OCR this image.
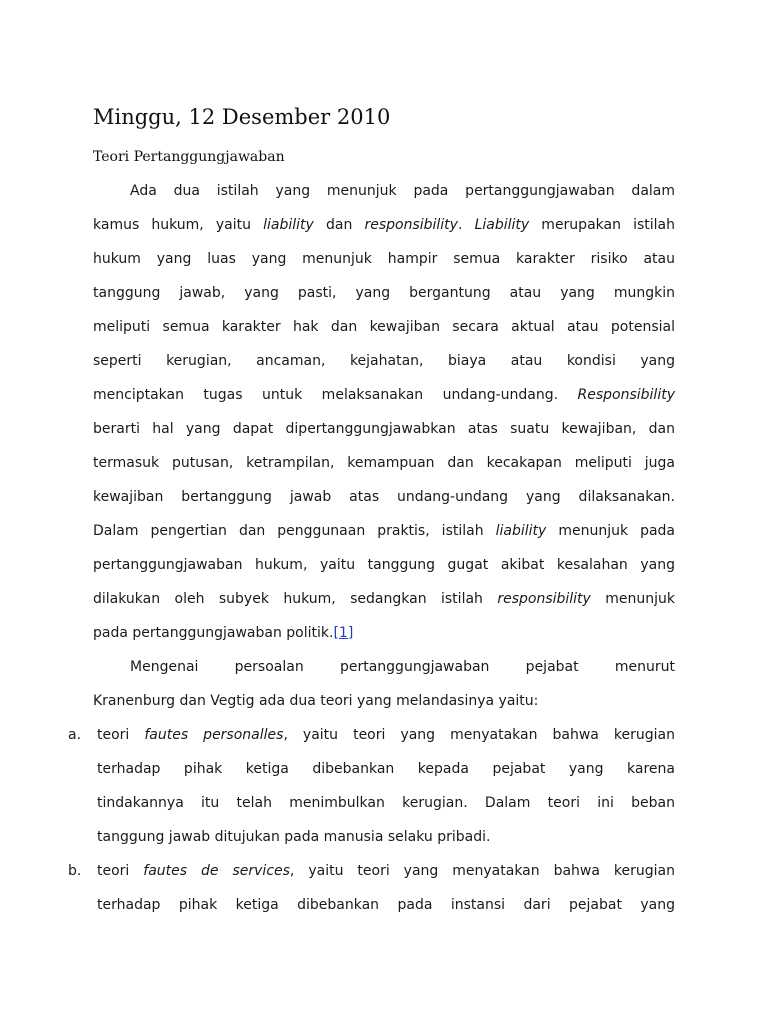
Minggu, 12 Desember 2010
Teori Pertanggungjawaban
Ada dua istilah yang menunjuk pada pertanggungjawaban dalam
kamus hukum, yaitu liability dan responsibility. Liability merupakan istilah
hukum yang luas yang menunjuk hampir semua karakter risiko atau
tanggung jawab, yang pasti, yang bergantung atau yang mungkin
meliputi semua karakter hak dan kewajiban secara aktual atau potensial
seperti kerugian, ancaman, kejahatan, biaya atau kondisi yang
menciptakan tugas untuk melaksanakan undang-undang. Responsibility
berarti hal yang dapat dipertanggungjawabkan atas suatu kewajiban, dan
termasuk putusan, ketrampilan, kemampuan dan kecakapan meliputi juga
kewajiban bertanggung jawab atas undang-undang yang dilaksanakan.
Dalam pengertian dan penggunaan praktis, istilah liability menunjuk pada
pertanggungjawaban hukum, yaitu tanggung gugat akibat kesalahan yang
dilakukan oleh subyek hukum, sedangkan istilah responsibility menunjuk
pada pertanggungjawaban politik.[1]
Mengenai persoalan pertanggungjawaban pejabat menurut
Kranenburg dan Vegtig ada dua teori yang melandasinya yaitu:
a. teori fautes personalles, yaitu teori yang menyatakan bahwa kerugian
terhadap pihak ketiga dibebankan kepada pejabat yang karena
tindakannya itu telah menimbulkan kerugian. Dalam teori ini beban
tanggung jawab ditujukan pada manusia selaku pribadi.
b. teori fautes de services, yaitu teori yang menyatakan bahwa kerugian
terhadap pihak ketiga dibebankan pada instansi dari pejabat yang
